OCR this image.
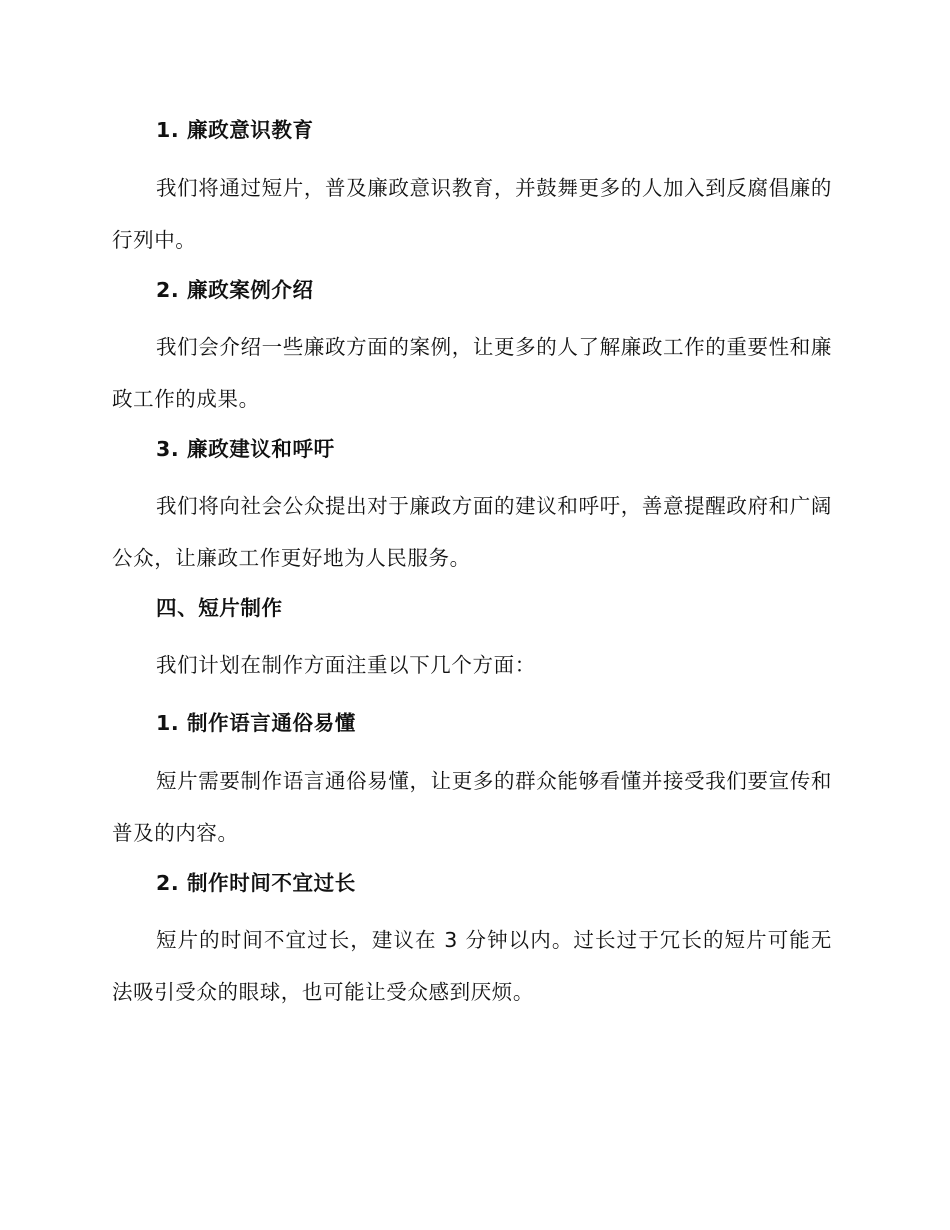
1. 廉政意识教育

我们将通过短片，普及廉政意识教育，并鼓舞更多的人加入到反腐倡廉的行列中。

2. 廉政案例介绍

我们会介绍一些廉政方面的案例，让更多的人了解廉政工作的重要性和廉政工作的成果。

3. 廉政建议和呼吁

我们将向社会公众提出对于廉政方面的建议和呼吁，善意提醒政府和广阔公众，让廉政工作更好地为人民服务。

四、短片制作

我们计划在制作方面注重以下几个方面：

1. 制作语言通俗易懂

短片需要制作语言通俗易懂，让更多的群众能够看懂并接受我们要宣传和普及的内容。

2. 制作时间不宜过长

短片的时间不宜过长，建议在 3 分钟以内。过长过于冗长的短片可能无法吸引受众的眼球，也可能让受众感到厌烦。
